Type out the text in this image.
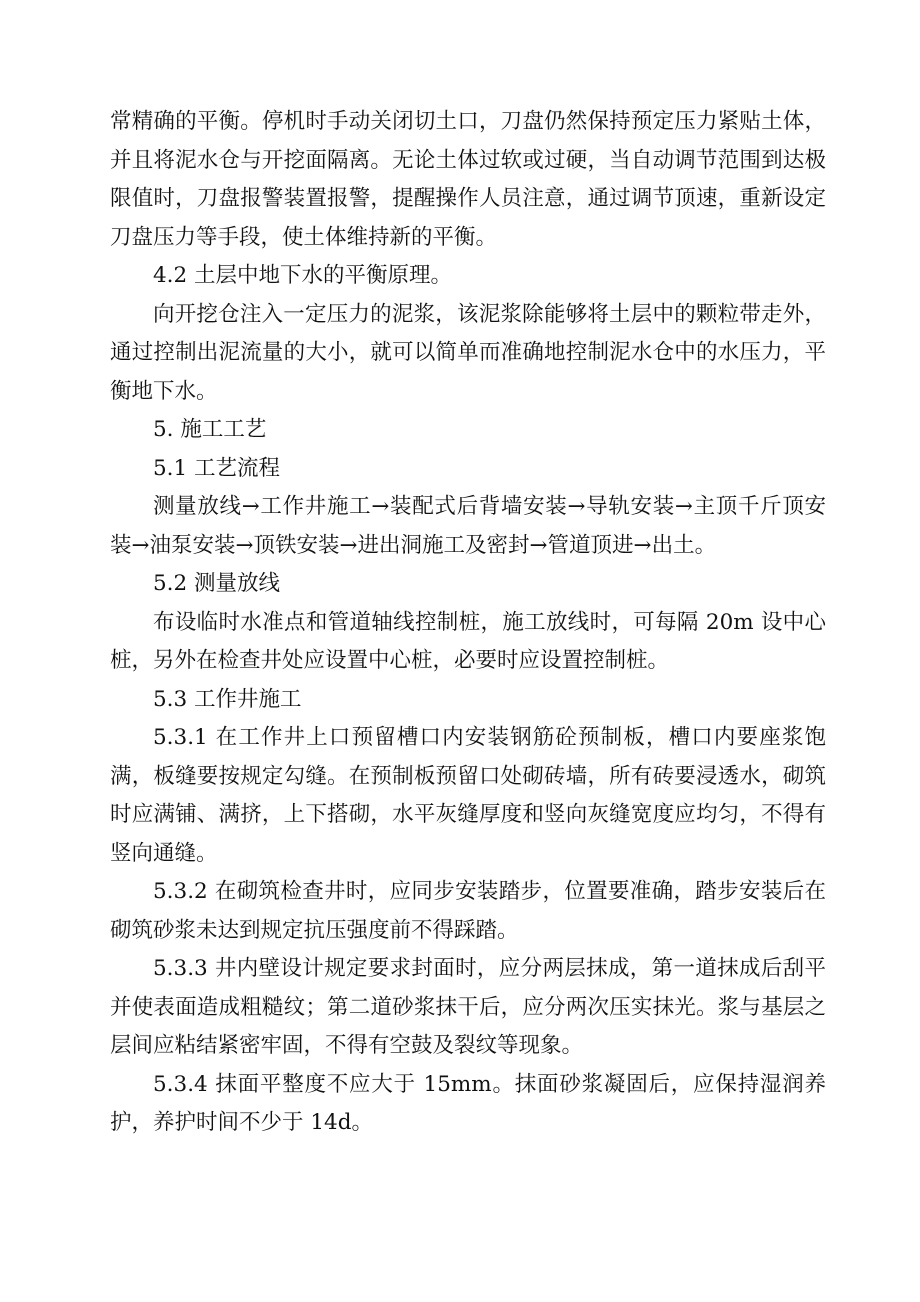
常精确的平衡。停机时手动关闭切土口，刀盘仍然保持预定压力紧贴土体，并且将泥水仓与开挖面隔离。无论土体过软或过硬，当自动调节范围到达极限值时，刀盘报警装置报警，提醒操作人员注意，通过调节顶速，重新设定刀盘压力等手段，使土体维持新的平衡。

4.2 土层中地下水的平衡原理。

向开挖仓注入一定压力的泥浆，该泥浆除能够将土层中的颗粒带走外，通过控制出泥流量的大小，就可以简单而准确地控制泥水仓中的水压力，平衡地下水。

5. 施工工艺

5.1 工艺流程

测量放线→工作井施工→装配式后背墙安装→导轨安装→主顶千斤顶安装→油泵安装→顶铁安装→进出洞施工及密封→管道顶进→出土。

5.2 测量放线

布设临时水准点和管道轴线控制桩，施工放线时，可每隔 20m 设中心桩，另外在检查井处应设置中心桩，必要时应设置控制桩。

5.3 工作井施工

5.3.1 在工作井上口预留槽口内安装钢筋砼预制板，槽口内要座浆饱满，板缝要按规定勾缝。在预制板预留口处砌砖墙，所有砖要浸透水，砌筑时应满铺、满挤，上下搭砌，水平灰缝厚度和竖向灰缝宽度应均匀，不得有竖向通缝。

5.3.2 在砌筑检查井时，应同步安装踏步，位置要准确，踏步安装后在砌筑砂浆未达到规定抗压强度前不得踩踏。

5.3.3 井内壁设计规定要求封面时，应分两层抹成，第一道抹成后刮平并使表面造成粗糙纹；第二道砂浆抹干后，应分两次压实抹光。浆与基层之层间应粘结紧密牢固，不得有空鼓及裂纹等现象。

5.3.4 抹面平整度不应大于 15mm。抹面砂浆凝固后，应保持湿润养护，养护时间不少于 14d。
